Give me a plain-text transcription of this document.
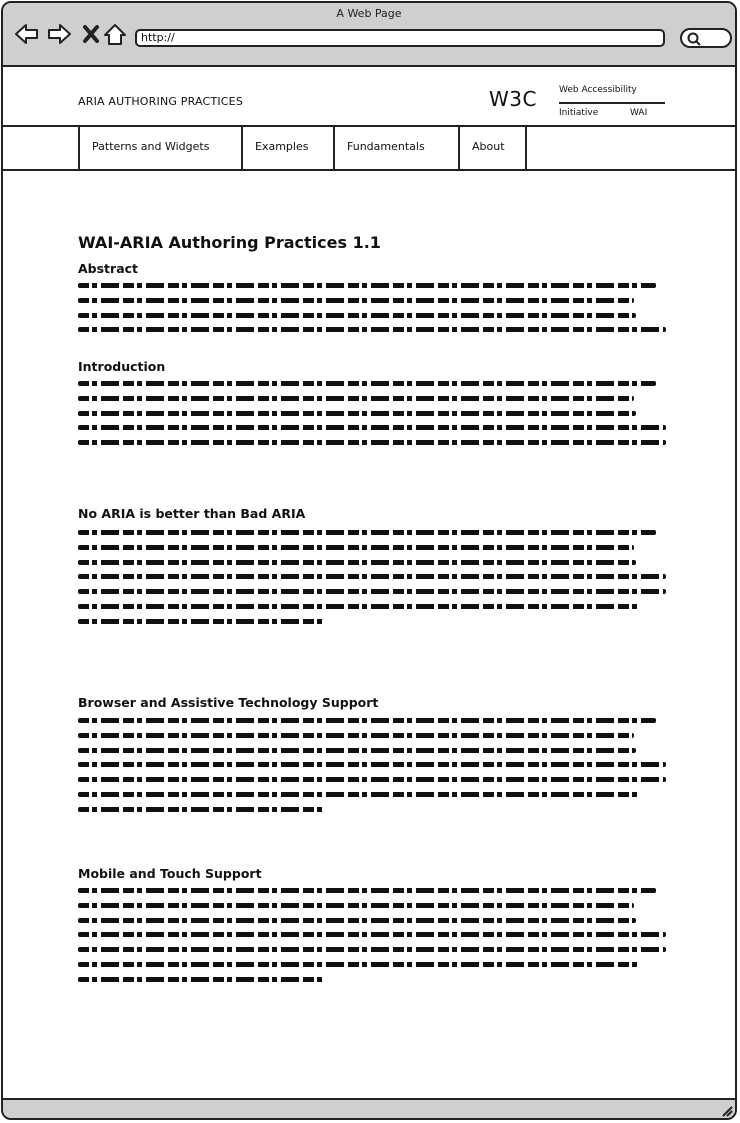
A Web Page
http://
ARIA AUTHORING PRACTICES	W3C Web Accessibility
Initiative	WAI
Patterns and Widgets	Examples	Fundamentals	About
WAI-ARIA Authoring Practices 1.1
Abstract
Introduction
No ARIA is better than Bad ARIA
Browser and Assistive Technology Support
Mobile and Touch Support
